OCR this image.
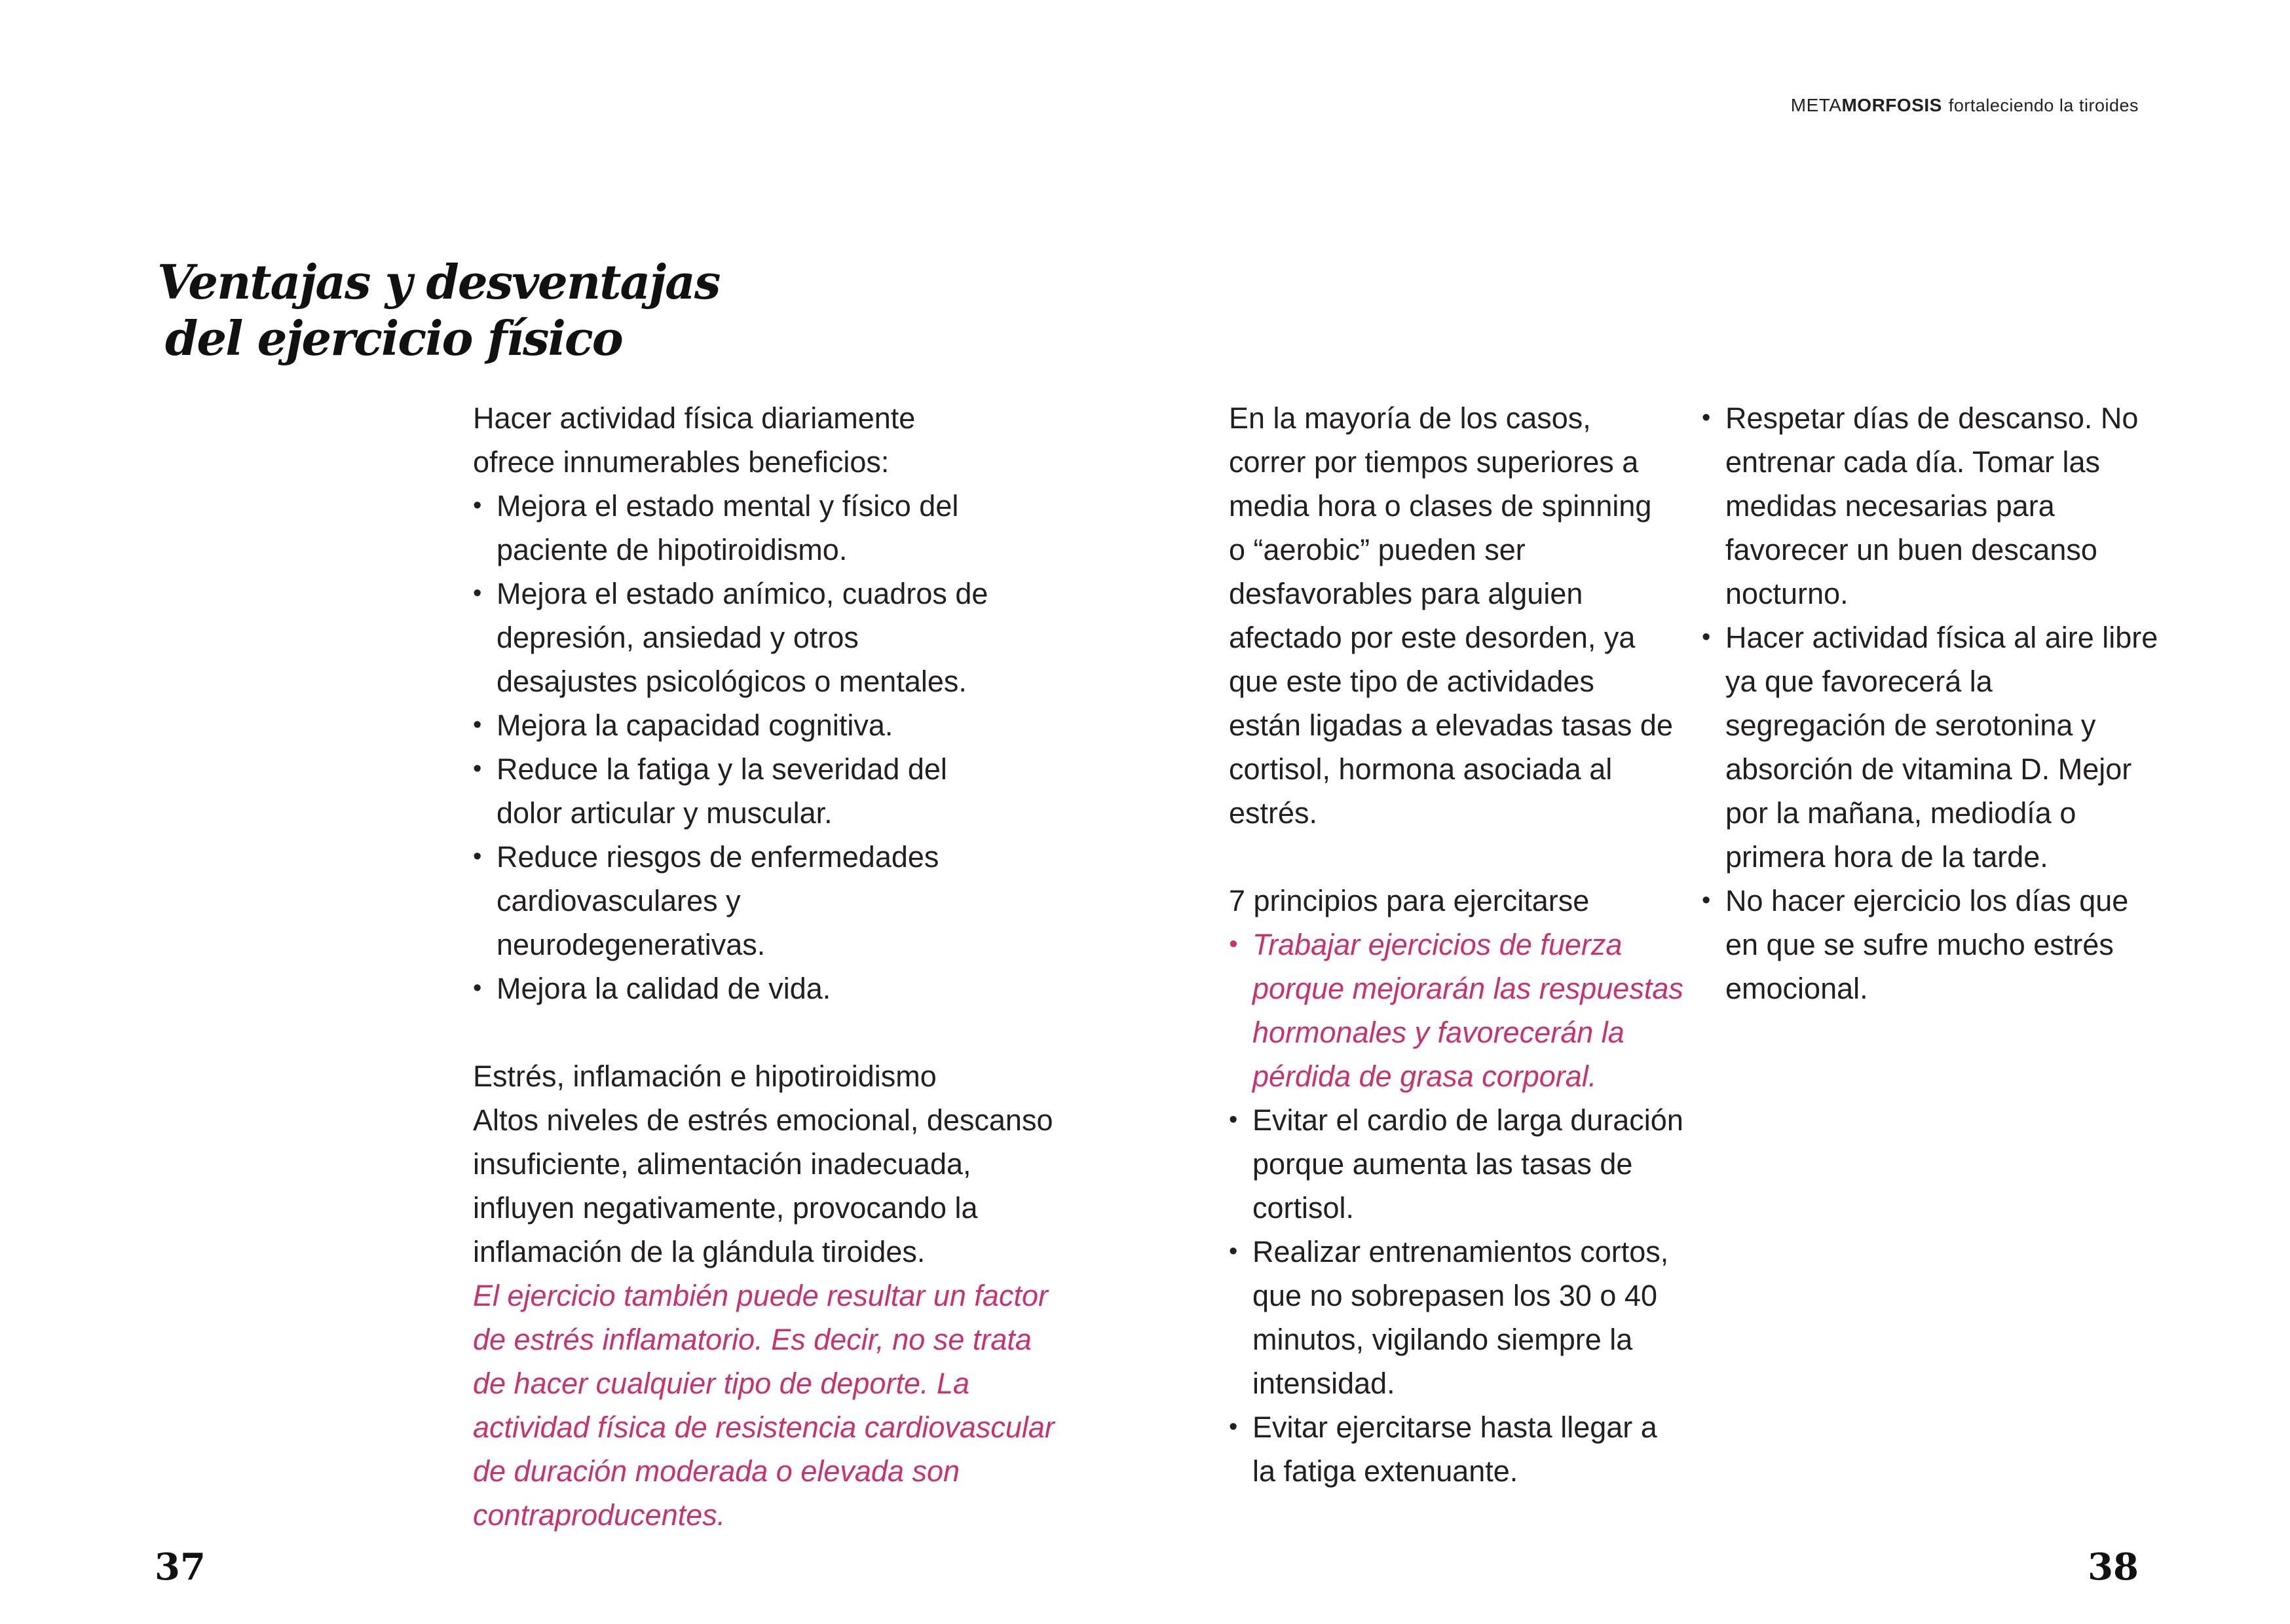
METAMORFOSIS fortaleciendo la tiroides
Ventajas y desventajas
del ejercicio físico

Hacer actividad física diariamente ofrece innumerables beneficios:

• Mejora el estado mental y físico del paciente de hipotiroidismo.
• Mejora el estado anímico, cuadros de depresión, ansiedad y otros desajustes psicológicos o mentales.
• Mejora la capacidad cognitiva.
• Reduce la fatiga y la severidad del dolor articular y muscular.
• Reduce riesgos de enfermedades cardiovasculares y neurodegenerativas.
• Mejora la calidad de vida.

Estrés, inflamación e hipotiroidismo

Altos niveles de estrés emocional, descanso insuficiente, alimentación inadecuada, influyen negativamente, provocando la inflamación de la glándula tiroides.

El ejercicio también puede resultar un factor de estrés inflamatorio. Es decir, no se trata de hacer cualquier tipo de deporte. La actividad física de resistencia cardiovascular de duración moderada o elevada son contraproducentes.

En la mayoría de los casos, correr por tiempos superiores a media hora o clases de spinning o “aerobic” pueden ser desfavorables para alguien afectado por este desorden, ya que este tipo de actividades están ligadas a elevadas tasas de cortisol, hormona asociada al estrés.

7 principios para ejercitarse

• Trabajar ejercicios de fuerza porque mejorarán las respuestas hormonales y favorecerán la pérdida de grasa corporal.
• Evitar el cardio de larga duración porque aumenta las tasas de cortisol.
• Realizar entrenamientos cortos, que no sobrepasen los 30 o 40 minutos, vigilando siempre la intensidad.
• Evitar ejercitarse hasta llegar a la fatiga extenuante.
• Respetar días de descanso. No entrenar cada día. Tomar las medidas necesarias para favorecer un buen descanso nocturno.
• Hacer actividad física al aire libre ya que favorecerá la segregación de serotonina y absorción de vitamina D. Mejor por la mañana, mediodía o primera hora de la tarde.
• No hacer ejercicio los días que en que se sufre mucho estrés emocional.
37	38
